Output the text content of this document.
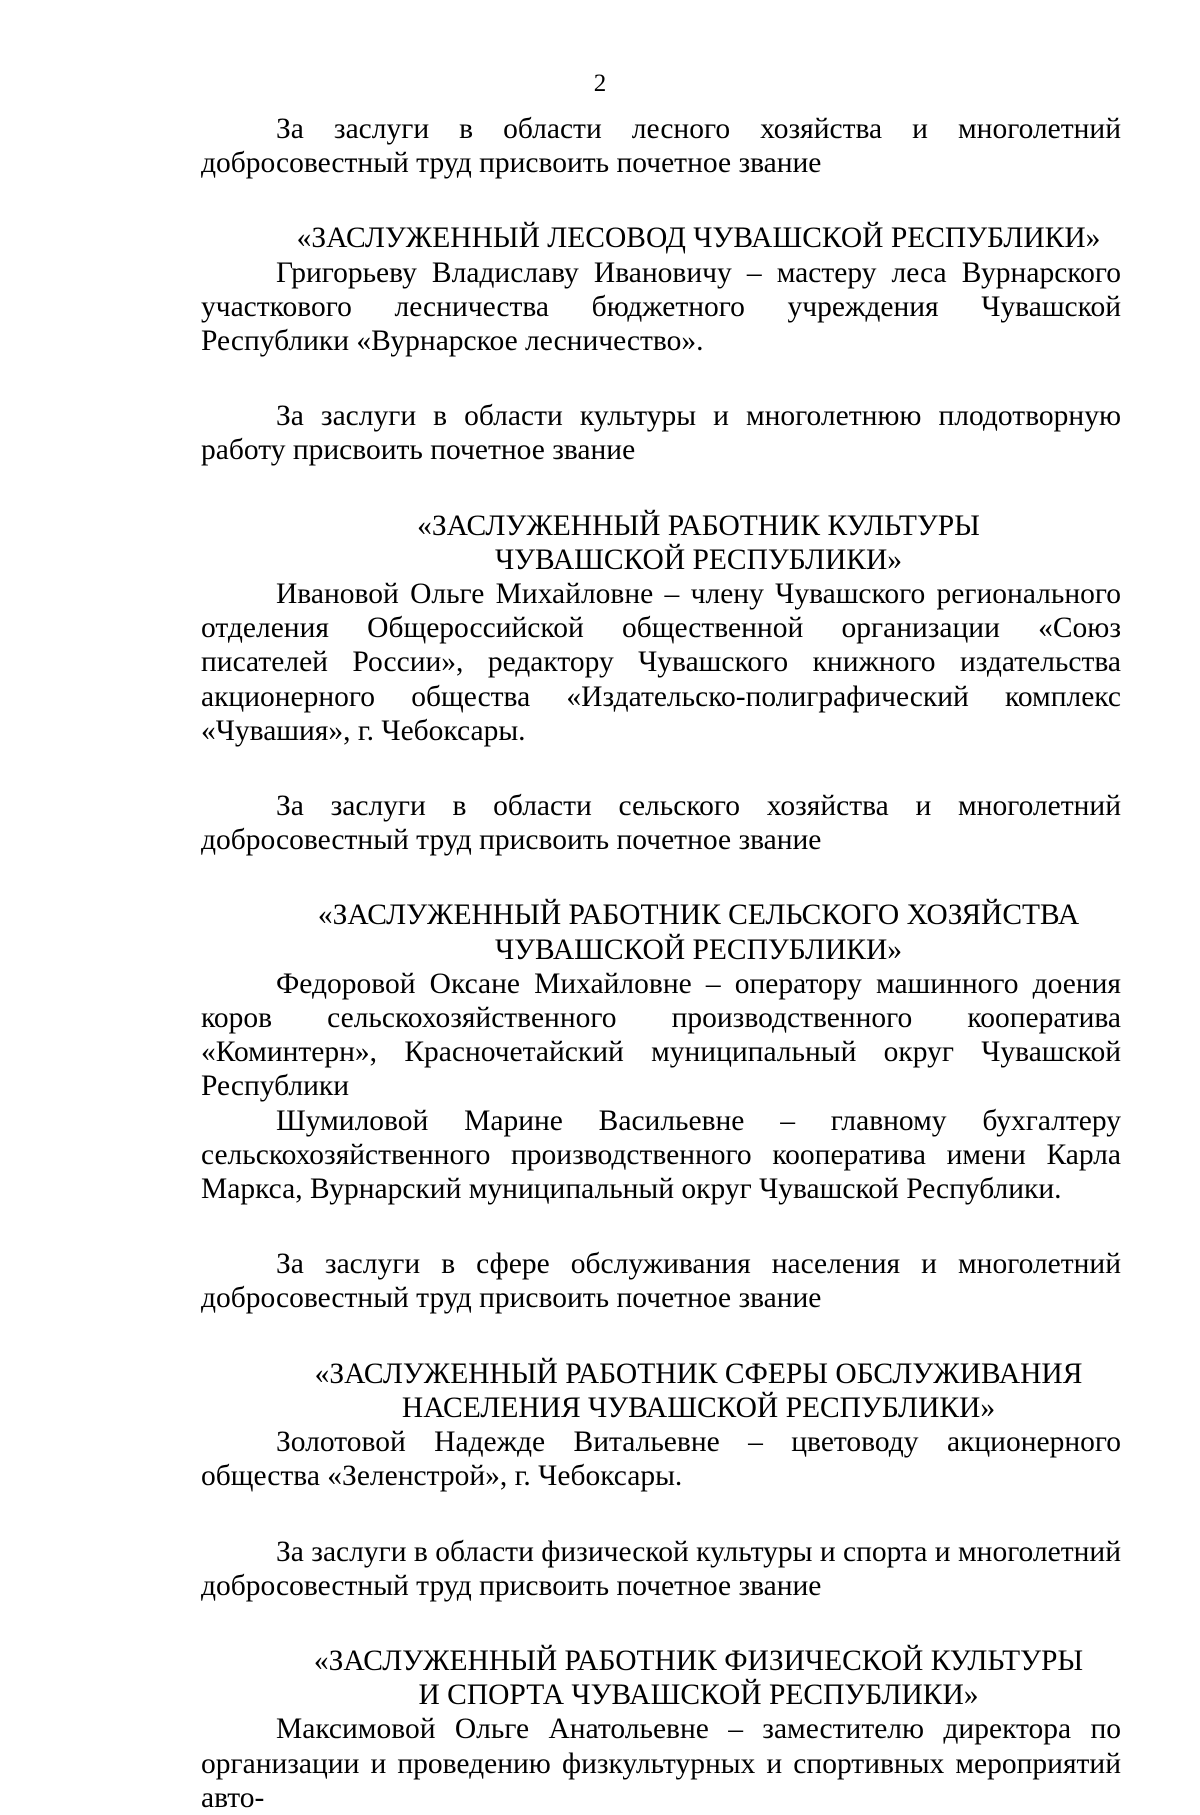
2

За заслуги в области лесного хозяйства и многолетний добросовестный труд присвоить почетное звание

«ЗАСЛУЖЕННЫЙ ЛЕСОВОД ЧУВАШСКОЙ РЕСПУБЛИКИ»

Григорьеву Владиславу Ивановичу – мастеру леса Вурнарского участкового лесничества бюджетного учреждения Чувашской Республики «Вурнарское лесничество».

За заслуги в области культуры и многолетнюю плодотворную работу присвоить почетное звание

«ЗАСЛУЖЕННЫЙ РАБОТНИК КУЛЬТУРЫ
ЧУВАШСКОЙ РЕСПУБЛИКИ»

Ивановой Ольге Михайловне – члену Чувашского регионального отделения Общероссийской общественной организации «Союз писателей России», редактору Чувашского книжного издательства акционерного общества «Издательско-полиграфический комплекс «Чувашия», г. Чебоксары.

За заслуги в области сельского хозяйства и многолетний добросовестный труд присвоить почетное звание

«ЗАСЛУЖЕННЫЙ РАБОТНИК СЕЛЬСКОГО ХОЗЯЙСТВА
ЧУВАШСКОЙ РЕСПУБЛИКИ»

Федоровой Оксане Михайловне – оператору машинного доения коров сельскохозяйственного производственного кооператива «Коминтерн», Красночетайский муниципальный округ Чувашской Республики

Шумиловой Марине Васильевне – главному бухгалтеру сельскохозяйственного производственного кооператива имени Карла Маркса, Вурнарский муниципальный округ Чувашской Республики.

За заслуги в сфере обслуживания населения и многолетний добросовестный труд присвоить почетное звание

«ЗАСЛУЖЕННЫЙ РАБОТНИК СФЕРЫ ОБСЛУЖИВАНИЯ
НАСЕЛЕНИЯ ЧУВАШСКОЙ РЕСПУБЛИКИ»

Золотовой Надежде Витальевне – цветоводу акционерного общества «Зеленстрой», г. Чебоксары.

За заслуги в области физической культуры и спорта и многолетний добросовестный труд присвоить почетное звание

«ЗАСЛУЖЕННЫЙ РАБОТНИК ФИЗИЧЕСКОЙ КУЛЬТУРЫ
И СПОРТА ЧУВАШСКОЙ РЕСПУБЛИКИ»

Максимовой Ольге Анатольевне – заместителю директора по организации и проведению физкультурных и спортивных мероприятий авто-
